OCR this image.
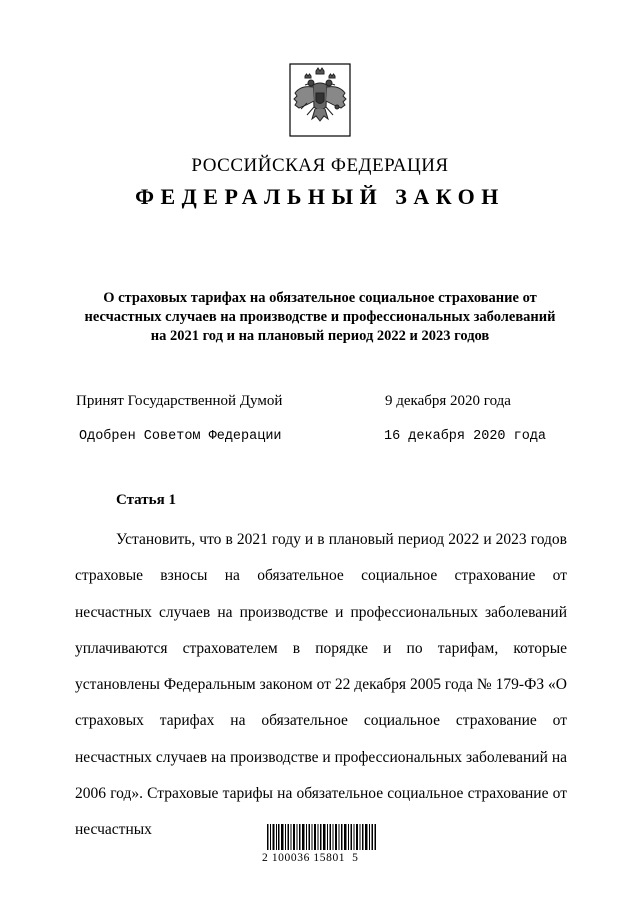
РОССИЙСКАЯ ФЕДЕРАЦИЯ
ФЕДЕРАЛЬНЫЙ ЗАКОН
О страховых тарифах на обязательное социальное страхование от несчастных случаев на производстве и профессиональных заболеваний на 2021 год и на плановый период 2022 и 2023 годов
Принят Государственной Думой	9 декабря 2020 года
Одобрен Советом Федерации	16 декабря 2020 года
Статья 1

Установить, что в 2021 году и в плановый период 2022 и 2023 годов страховые взносы на обязательное социальное страхование от несчастных случаев на производстве и профессиональных заболеваний уплачиваются страхователем в порядке и по тарифам, которые установлены Федеральным законом от 22 декабря 2005 года № 179-ФЗ «О страховых тарифах на обязательное социальное страхование от несчастных случаев на производстве и профессиональных заболеваний на 2006 год». Страховые тарифы на обязательное социальное страхование от несчастных

2 100036 15801  5
